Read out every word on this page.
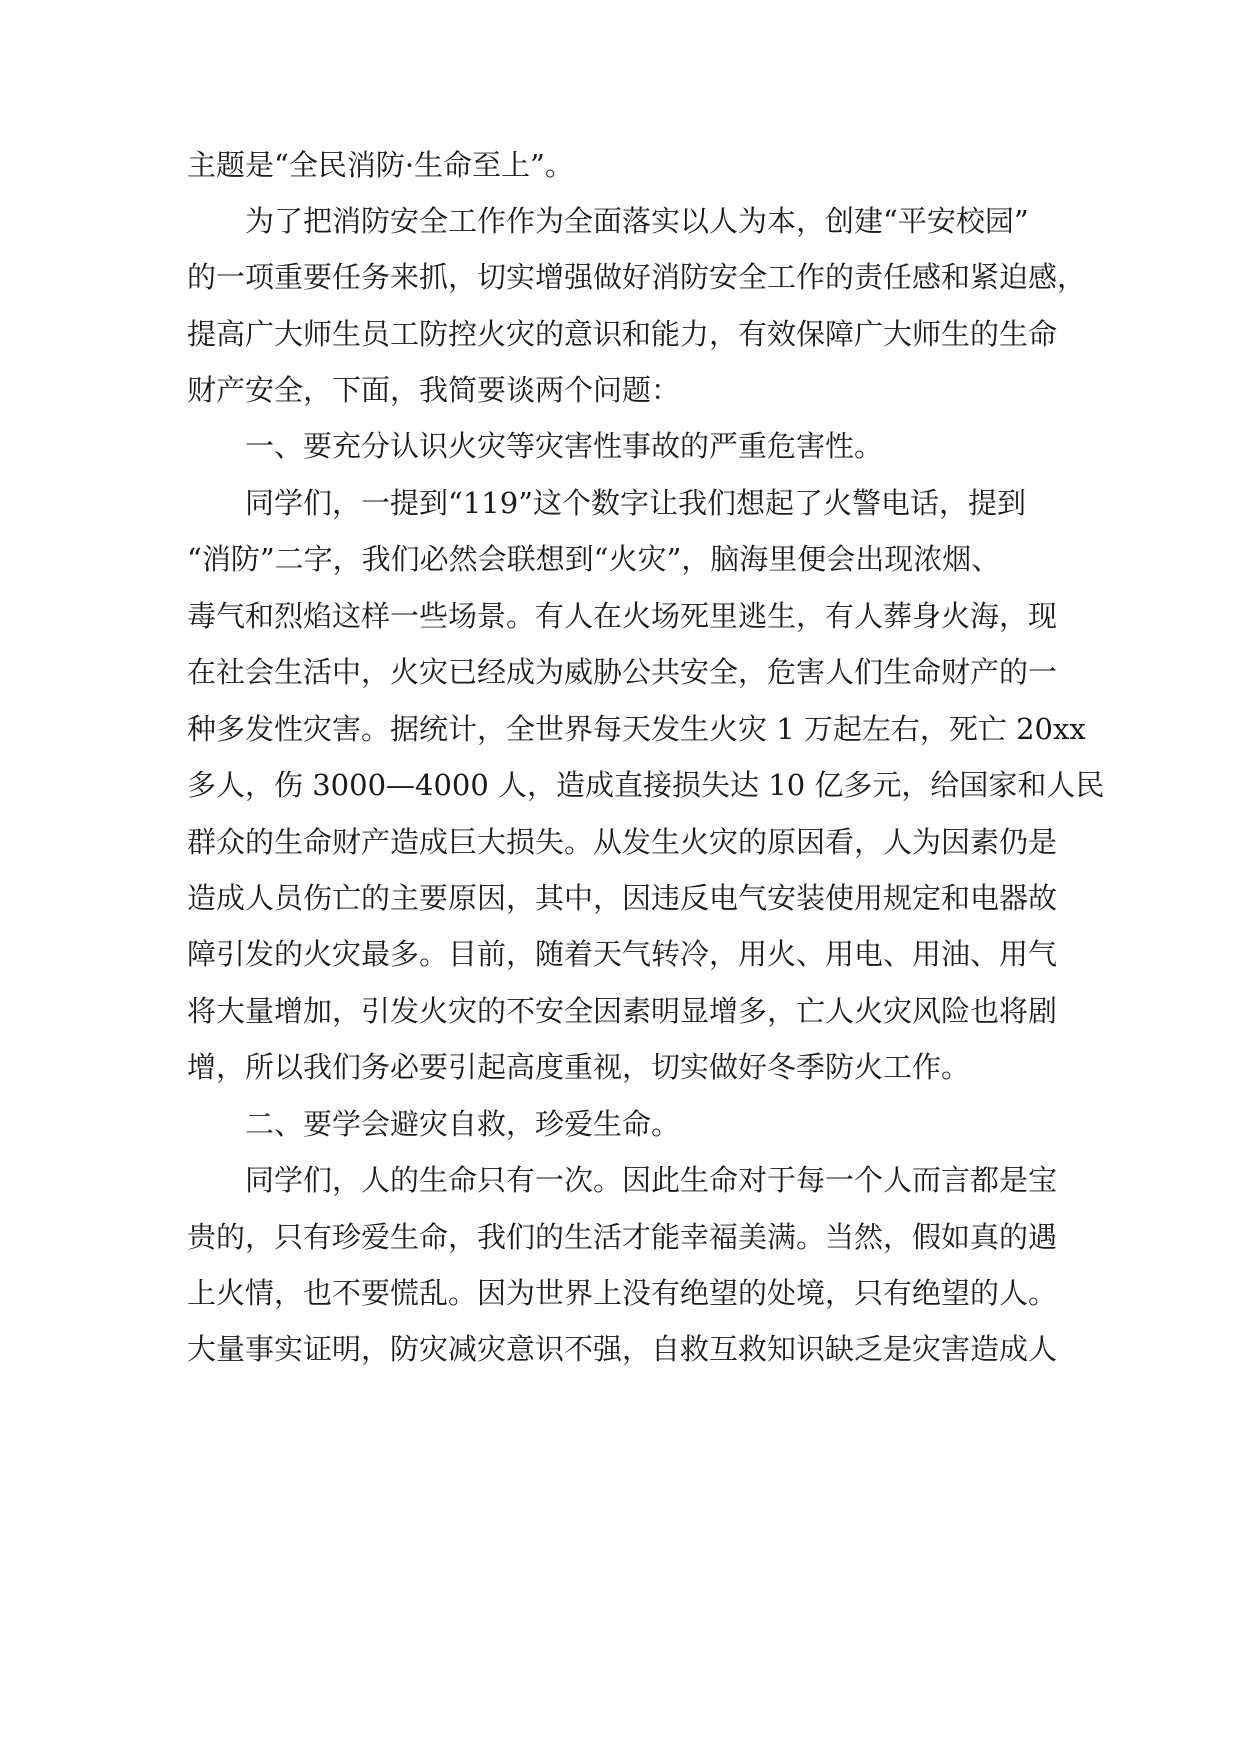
主题是“全民消防·生命至上”。
为了把消防安全工作作为全面落实以人为本，创建“平安校园”
的一项重要任务来抓，切实增强做好消防安全工作的责任感和紧迫感，
提高广大师生员工防控火灾的意识和能力，有效保障广大师生的生命
财产安全，下面，我简要谈两个问题：
一、要充分认识火灾等灾害性事故的严重危害性。
同学们，一提到“119”这个数字让我们想起了火警电话，提到
“消防”二字，我们必然会联想到“火灾”，脑海里便会出现浓烟、
毒气和烈焰这样一些场景。有人在火场死里逃生，有人葬身火海，现
在社会生活中，火灾已经成为威胁公共安全，危害人们生命财产的一
种多发性灾害。据统计，全世界每天发生火灾 1 万起左右，死亡 20xx
多人，伤 3000—4000 人，造成直接损失达 10 亿多元，给国家和人民
群众的生命财产造成巨大损失。从发生火灾的原因看，人为因素仍是
造成人员伤亡的主要原因，其中，因违反电气安装使用规定和电器故
障引发的火灾最多。目前，随着天气转冷，用火、用电、用油、用气
将大量增加，引发火灾的不安全因素明显增多，亡人火灾风险也将剧
增，所以我们务必要引起高度重视，切实做好冬季防火工作。
二、要学会避灾自救，珍爱生命。
同学们，人的生命只有一次。因此生命对于每一个人而言都是宝
贵的，只有珍爱生命，我们的生活才能幸福美满。当然，假如真的遇
上火情，也不要慌乱。因为世界上没有绝望的处境，只有绝望的人。
大量事实证明，防灾减灾意识不强，自救互救知识缺乏是灾害造成人
